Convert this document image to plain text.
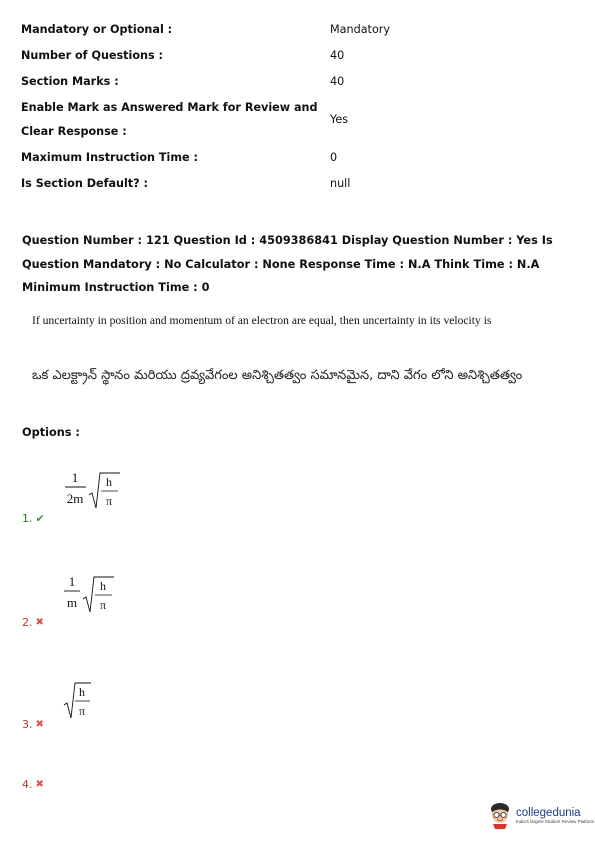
Mandatory or Optional :	Mandatory
Number of Questions :	40
Section Marks :	40
Enable Mark as Answered Mark for Review and Clear Response :
Yes
Maximum Instruction Time :	0
Is Section Default? :	null
Question Number : 121 Question Id : 4509386841 Display Question Number : Yes Is Question Mandatory : No Calculator : None Response Time : N.A Think Time : N.A Minimum Instruction Time : 0
If uncertainty in position and momentum of an electron are equal, then uncertainty in its velocity is
ఒక ఎలక్ట్రాన్ స్థానం మరియు ద్రవ్యవేగంల అనిశ్చితత్వం సమానమైన, దాని వేగం లోని అనిశ్చితత్వం
Options :
1
2m
h
π
1. ✔
1
m
h
π
2. ✖
h
π
3. ✖
4. ✖
collegedunia
India's largest Student Review Platform
